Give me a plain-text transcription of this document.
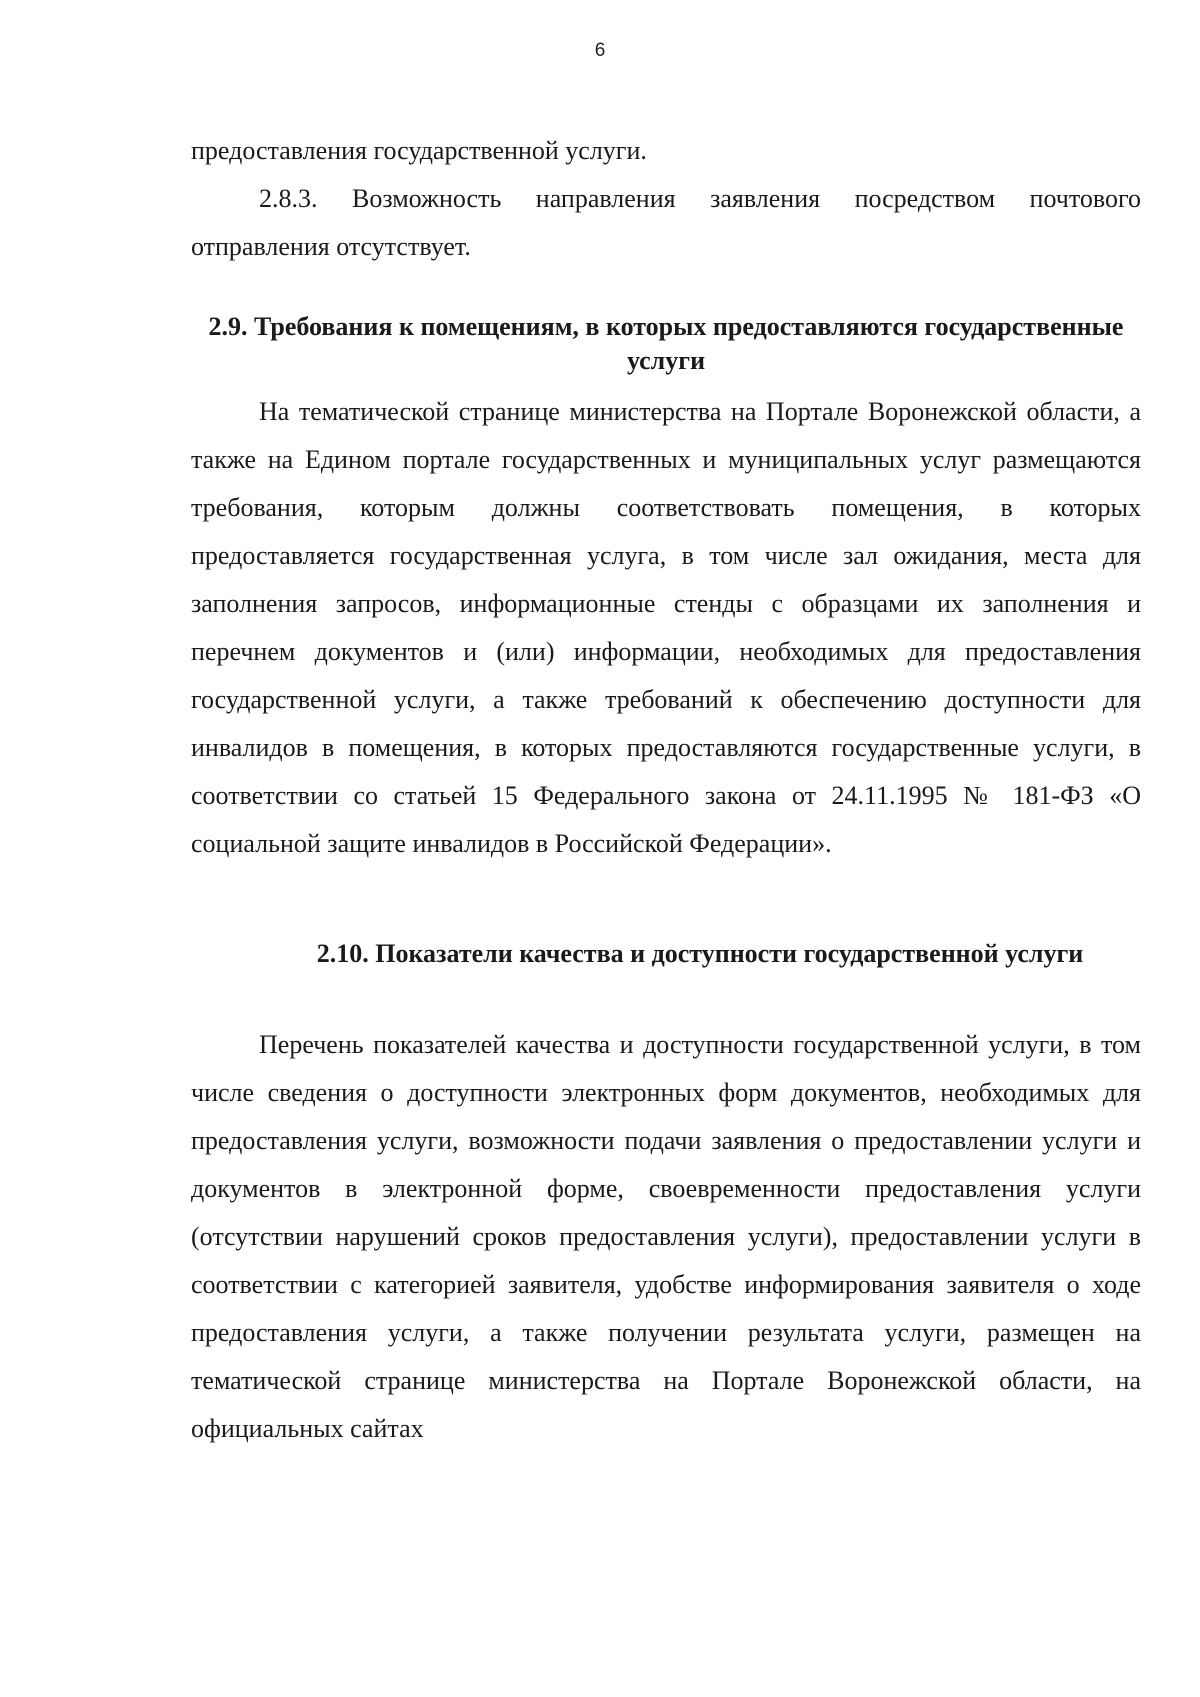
6

предоставления государственной услуги.

2.8.3. Возможность направления заявления посредством почтового отправления отсутствует.

2.9. Требования к помещениям, в которых предоставляются государственные услуги

На тематической странице министерства на Портале Воронежской области, а также на Едином портале государственных и муниципальных услуг размещаются требования, которым должны соответствовать помещения, в которых предоставляется государственная услуга, в том числе зал ожидания, места для заполнения запросов, информационные стенды с образцами их заполнения и перечнем документов и (или) информации, необходимых для предоставления государственной услуги, а также требований к обеспечению доступности для инвалидов в помещения, в которых предоставляются государственные услуги, в соответствии со статьей 15 Федерального закона от 24.11.1995 № 181-ФЗ «О социальной защите инвалидов в Российской Федерации».

2.10. Показатели качества и доступности государственной услуги

Перечень показателей качества и доступности государственной услуги, в том числе сведения о доступности электронных форм документов, необходимых для предоставления услуги, возможности подачи заявления о предоставлении услуги и документов в электронной форме, своевременности предоставления услуги (отсутствии нарушений сроков предоставления услуги), предоставлении услуги в соответствии с категорией заявителя, удобстве информирования заявителя о ходе предоставления услуги, а также получении результата услуги, размещен на тематической странице министерства на Портале Воронежской области, на официальных сайтах
